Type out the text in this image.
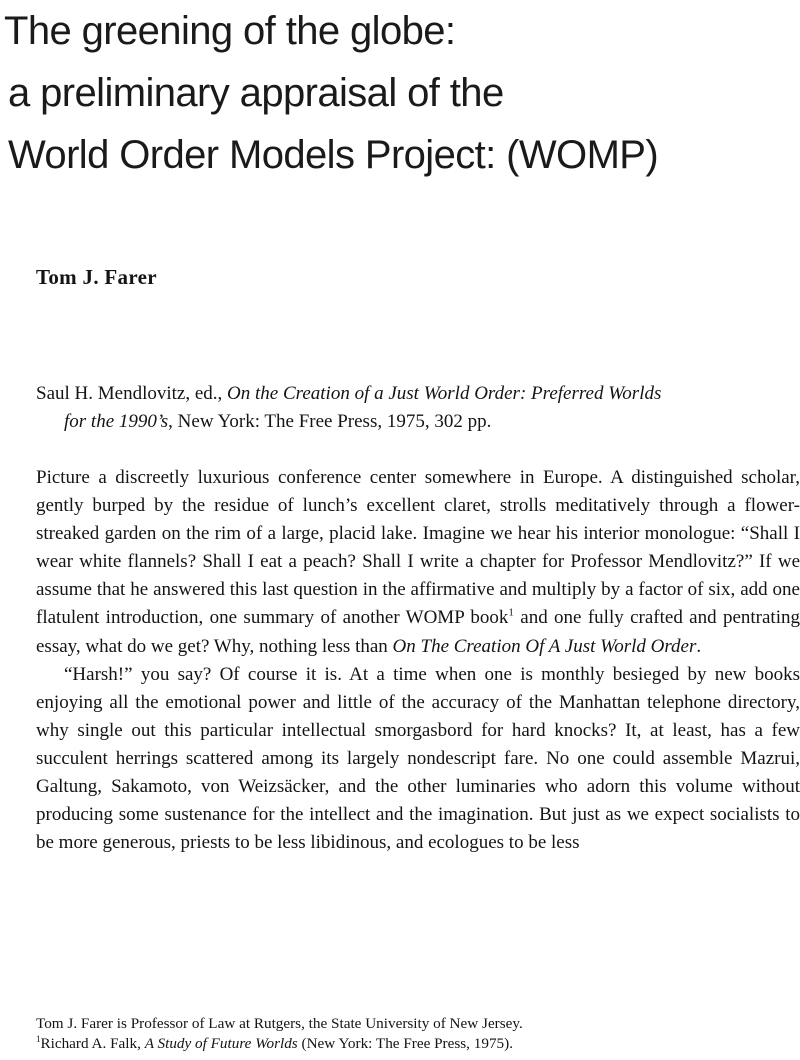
The greening of the globe:
a preliminary appraisal of the
World Order Models Project: (WOMP)
Tom J. Farer
Saul H. Mendlovitz, ed., On the Creation of a Just World Order: Preferred Worlds
for the 1990’s, New York: The Free Press, 1975, 302 pp.

Picture a discreetly luxurious conference center somewhere in Europe. A distinguished scholar, gently burped by the residue of lunch’s excellent claret, strolls meditatively through a flower-streaked garden on the rim of a large, placid lake. Imagine we hear his interior monologue: “Shall I wear white flannels? Shall I eat a peach? Shall I write a chapter for Professor Mendlovitz?” If we assume that he answered this last question in the affirmative and multiply by a factor of six, add one flatulent introduction, one summary of another WOMP book$^1$ and one fully crafted and pentrating essay, what do we get? Why, nothing less than On The Creation Of A Just World Order.

“Harsh!” you say? Of course it is. At a time when one is monthly besieged by new books enjoying all the emotional power and little of the accuracy of the Manhattan telephone directory, why single out this particular intellectual smorgasbord for hard knocks? It, at least, has a few succulent herrings scattered among its largely nondescript fare. No one could assemble Mazrui, Galtung, Sakamoto, von Weizsäcker, and the other luminaries who adorn this volume without producing some sustenance for the intellect and the imagination. But just as we expect socialists to be more generous, priests to be less libidinous, and ecologues to be less

Tom J. Farer is Professor of Law at Rutgers, the State University of New Jersey.
$^1$Richard A. Falk, A Study of Future Worlds (New York: The Free Press, 1975).
